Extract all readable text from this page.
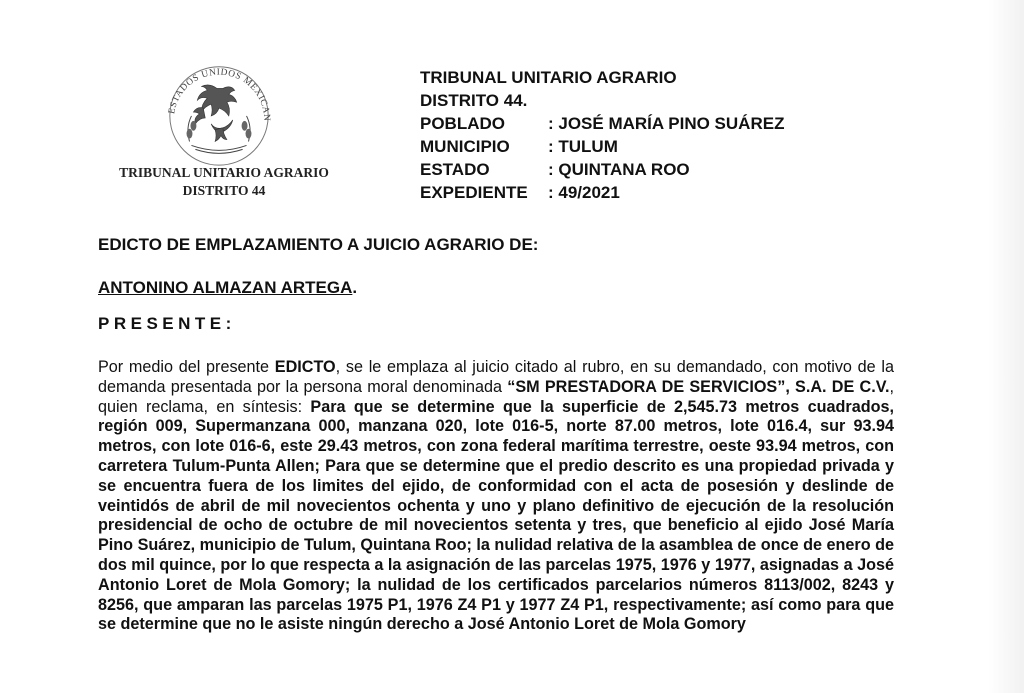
ESTADOS UNIDOS MEXICAN
TRIBUNAL UNITARIO AGRARIO
DISTRITO 44
TRIBUNAL UNITARIO AGRARIO
DISTRITO 44.
POBLADO	: JOSÉ MARÍA PINO SUÁREZ
MUNICIPIO	: TULUM
ESTADO	: QUINTANA ROO
EXPEDIENTE	: 49/2021
EDICTO DE EMPLAZAMIENTO A JUICIO AGRARIO DE:
ANTONINO ALMAZAN ARTEGA.
PRESENTE:
Por medio del presente EDICTO, se le emplaza al juicio citado al rubro, en su demandado, con motivo de la demanda presentada por la persona moral denominada “SM PRESTADORA DE SERVICIOS”, S.A. DE C.V., quien reclama, en síntesis: Para que se determine que la superficie de 2,545.73 metros cuadrados, región 009, Supermanzana 000, manzana 020, lote 016-5, norte 87.00 metros, lote 016.4, sur 93.94 metros, con lote 016-6, este 29.43 metros, con zona federal marítima terrestre, oeste 93.94 metros, con carretera Tulum-Punta Allen; Para que se determine que el predio descrito es una propiedad privada y se encuentra fuera de los limites del ejido, de conformidad con el acta de posesión y deslinde de veintidós de abril de mil novecientos ochenta y uno y plano definitivo de ejecución de la resolución presidencial de ocho de octubre de mil novecientos setenta y tres, que beneficio al ejido José María Pino Suárez, municipio de Tulum, Quintana Roo; la nulidad relativa de la asamblea de once de enero de dos mil quince, por lo que respecta a la asignación de las parcelas 1975, 1976 y 1977, asignadas a José Antonio Loret de Mola Gomory; la nulidad de los certificados parcelarios números 8113/002, 8243 y 8256, que amparan las parcelas 1975 P1, 1976 Z4 P1 y 1977 Z4 P1, respectivamente; así como para que se determine que no le asiste ningún derecho a José Antonio Loret de Mola Gomory
